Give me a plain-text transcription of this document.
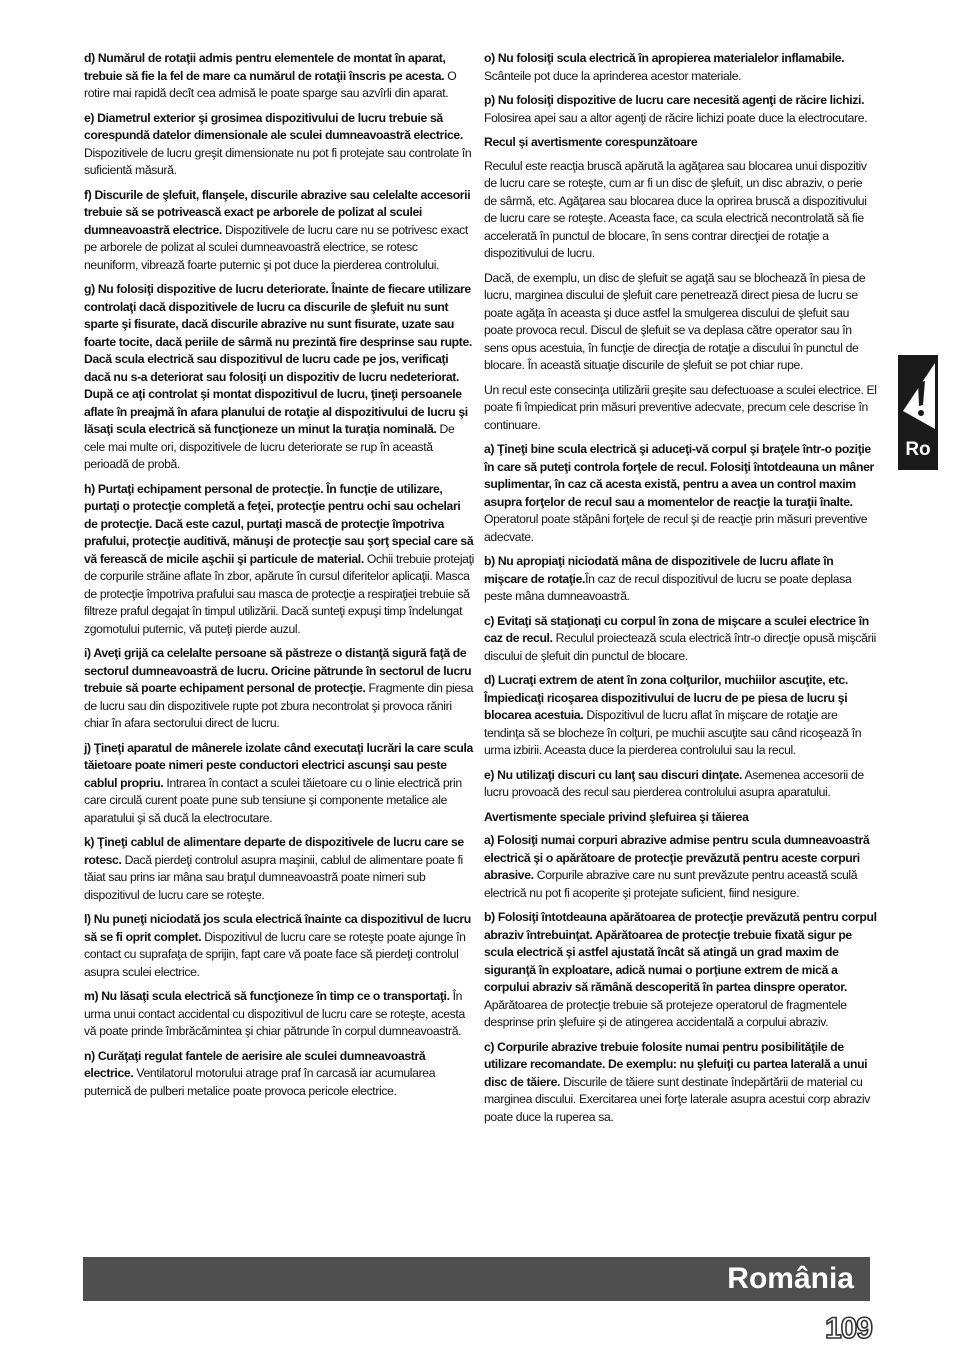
d) Numărul de rotaţii admis pentru elementele de montat în aparat, trebuie să fie la fel de mare ca numărul de rotaţii înscris pe acesta. O rotire mai rapidă decît cea admisă le poate sparge sau azvîrli din aparat.
e) Diametrul exterior şi grosimea dispozitivului de lucru trebuie să corespundă datelor dimensionale ale sculei dumneavoastră electrice. Dispozitivele de lucru greşit dimensionate nu pot fi protejate sau controlate în suficientă măsură.
f) Discurile de şlefuit, flanşele, discurile abrazive sau celelalte accesorii trebuie să se potrivească exact pe arborele de polizat al sculei dumneavoastră electrice. Dispozitivele de lucru care nu se potrivesc exact pe arborele de polizat al sculei dumneavoastră electrice, se rotesc neuniform, vibrează foarte puternic şi pot duce la pierderea controlului.
g) Nu folosiţi dispozitive de lucru deteriorate. Înainte de fiecare utilizare controlaţi dacă dispozitivele de lucru ca discurile de şlefuit nu sunt sparte şi fisurate, dacă discurile abrazive nu sunt fisurate, uzate sau foarte tocite, dacă periile de sârmă nu prezintă fire desprinse sau rupte. Dacă scula electrică sau dispozitivul de lucru cade pe jos, verificaţi dacă nu s-a deteriorat sau folosiţi un dispozitiv de lucru nedeteriorat. După ce aţi controlat şi montat dispozitivul de lucru, ţineţi persoanele aflate în preajmă în afara planului de rotaţie al dispozitivului de lucru şi lăsaţi scula electrică să funcţioneze un minut la turaţia nominală. De cele mai multe ori, dispozitivele de lucru deteriorate se rup în această perioadă de probă.
h) Purtaţi echipament personal de protecţie. În funcţie de utilizare, purtaţi o protecţie completă a feţei, protecţie pentru ochi sau ochelari de protecţie. Dacă este cazul, purtaţi mască de protecţie împotriva prafului, protecţie auditivă, mănuşi de protecţie sau şorţ special care să vă ferească de micile aşchii şi particule de material. Ochii trebuie protejaţi de corpurile străine aflate în zbor, apărute în cursul diferitelor aplicaţii. Masca de protecţie împotriva prafului sau masca de protecţie a respiraţiei trebuie să filtreze praful degajat în timpul utilizării. Dacă sunteţi expuşi timp îndelungat zgomotului puternic, vă puteţi pierde auzul.
i) Aveţi grijă ca celelalte persoane să păstreze o distanţă sigură faţă de sectorul dumneavoastră de lucru. Oricine pătrunde în sectorul de lucru trebuie să poarte echipament personal de protecţie. Fragmente din piesa de lucru sau din dispozitivele rupte pot zbura necontrolat şi provoca răniri chiar în afara sectorului direct de lucru.
j) Ţineţi aparatul de mânerele izolate când executaţi lucrări la care scula tăietoare poate nimeri peste conductori electrici ascunşi sau peste cablul propriu. Intrarea în contact a sculei tăietoare cu o linie electrică prin care circulă curent poate pune sub tensiune şi componente metalice ale aparatului şi să ducă la electrocutare.
k) Ţineţi cablul de alimentare departe de dispozitivele de lucru care se rotesc. Dacă pierdeţi controlul asupra maşinii, cablul de alimentare poate fi tăiat sau prins iar mâna sau braţul dumneavoastră poate nimeri sub dispozitivul de lucru care se roteşte.
l) Nu puneţi niciodată jos scula electrică înainte ca dispozitivul de lucru să se fi oprit complet. Dispozitivul de lucru care se roteşte poate ajunge în contact cu suprafaţa de sprijin, fapt care vă poate face să pierdeţi controlul asupra sculei electrice.
m) Nu lăsaţi scula electrică să funcţioneze în timp ce o transportaţi. În urma unui contact accidental cu dispozitivul de lucru care se roteşte, acesta vă poate prinde îmbrăcămintea şi chiar pătrunde în corpul dumneavoastră.
n) Curăţaţi regulat fantele de aerisire ale sculei dumneavoastră electrice. Ventilatorul motorului atrage praf în carcasă iar acumularea puternică de pulberi metalice poate provoca pericole electrice.
o) Nu folosiţi scula electrică în apropierea materialelor inflamabile. Scânteile pot duce la aprinderea acestor materiale.
p) Nu folosiţi dispozitive de lucru care necesită agenţi de răcire lichizi. Folosirea apei sau a altor agenţi de răcire lichizi poate duce la electrocutare.
Recul şi avertismente corespunzătoare
Reculul este reacţia bruscă apărută la agăţarea sau blocarea unui dispozitiv de lucru care se roteşte, cum ar fi un disc de şlefuit, un disc abraziv, o perie de sârmă, etc. Agăţarea sau blocarea duce la oprirea bruscă a dispozitivului de lucru care se roteşte. Aceasta face, ca scula electrică necontrolată să fie accelerată în punctul de blocare, în sens contrar direcţiei de rotaţie a dispozitivului de lucru.
Dacă, de exemplu, un disc de şlefuit se agaţă sau se blochează în piesa de lucru, marginea discului de şlefuit care penetrează direct piesa de lucru se poate agăţa în aceasta şi duce astfel la smulgerea discului de şlefuit sau poate provoca recul. Discul de şlefuit se va deplasa către operator sau în sens opus acestuia, în funcţie de direcţia de rotaţie a discului în punctul de blocare. În această situaţie discurile de şlefuit se pot chiar rupe.
Un recul este consecinţa utilizării greşite sau defectuoase a sculei electrice. El poate fi împiedicat prin măsuri preventive adecvate, precum cele descrise în continuare.
a) Ţineţi bine scula electrică şi aduceţi-vă corpul şi braţele într-o poziţie în care să puteţi controla forţele de recul. Folosiţi întotdeauna un mâner suplimentar, în caz că acesta există, pentru a avea un control maxim asupra forţelor de recul sau a momentelor de reacţie la turaţii înalte. Operatorul poate stăpâni forţele de recul şi de reacţie prin măsuri preventive adecvate.
b) Nu apropiaţi niciodată mâna de dispozitivele de lucru aflate în mişcare de rotaţie.În caz de recul dispozitivul de lucru se poate deplasa peste mâna dumneavoastră.
c) Evitaţi să staţionaţi cu corpul în zona de mişcare a sculei electrice în caz de recul. Reculul proiectează scula electrică într-o direcţie opusă mişcării discului de şlefuit din punctul de blocare.
d) Lucraţi extrem de atent în zona colţurilor, muchiilor ascuţite, etc. Împiedicaţi ricoşarea dispozitivului de lucru de pe piesa de lucru şi blocarea acestuia. Dispozitivul de lucru aflat în mişcare de rotaţie are tendinţa să se blocheze în colţuri, pe muchii ascuţite sau când ricoşează în urma izbirii. Aceasta duce la pierderea controlului sau la recul.
e) Nu utilizaţi discuri cu lanţ sau discuri dinţate. Asemenea accesorii de lucru provoacă des recul sau pierderea controlului asupra aparatului.
Avertismente speciale privind şlefuirea şi tăierea
a) Folosiţi numai corpuri abrazive admise pentru scula dumneavoastră electrică şi o apărătoare de protecţie prevăzută pentru aceste corpuri abrasive. Corpurile abrazive care nu sunt prevăzute pentru această sculă electrică nu pot fi acoperite şi protejate suficient, fiind nesigure.
b) Folosiţi întotdeauna apărătoarea de protecţie prevăzută pentru corpul abraziv întrebuinţat. Apărătoarea de protecţie trebuie fixată sigur pe scula electrică şi astfel ajustată încât să atingă un grad maxim de siguranţă în exploatare, adică numai o porţiune extrem de mică a corpului abraziv să rămână descoperită în partea dinspre operator. Apărătoarea de protecţie trebuie să protejeze operatorul de fragmentele desprinse prin şlefuire şi de atingerea accidentală a corpului abraziv.
c) Corpurile abrazive trebuie folosite numai pentru posibilităţile de utilizare recomandate. De exemplu: nu şlefuiţi cu partea laterală a unui disc de tăiere. Discurile de tăiere sunt destinate îndepărtării de material cu marginea discului. Exercitarea unei forţe laterale asupra acestui corp abraziv poate duce la ruperea sa.
Ro
România
109
